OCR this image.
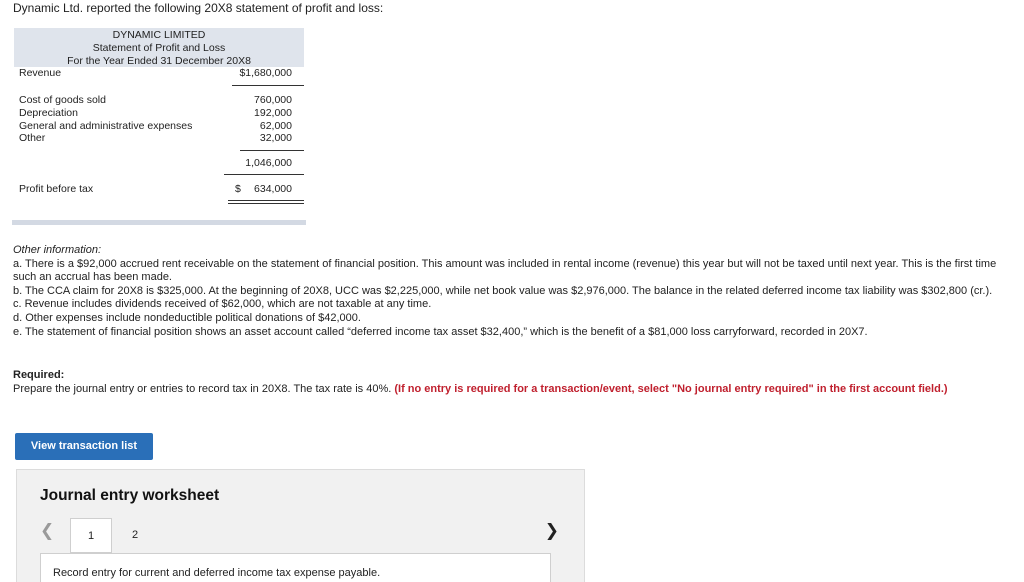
Dynamic Ltd. reported the following 20X8 statement of profit and loss:
DYNAMIC LIMITED
Statement of Profit and Loss
For the Year Ended 31 December 20X8
Revenue	$1,680,000
Cost of goods sold	760,000
Depreciation	192,000
General and administrative expenses	62,000
Other	32,000
1,046,000
Profit before tax	$ 634,000
Other information:
a. There is a $92,000 accrued rent receivable on the statement of financial position. This amount was included in rental income (revenue) this year but will not be taxed until next year. This is the first time such an accrual has been made.
b. The CCA claim for 20X8 is $325,000. At the beginning of 20X8, UCC was $2,225,000, while net book value was $2,976,000. The balance in the related deferred income tax liability was $302,800 (cr.).
c. Revenue includes dividends received of $62,000, which are not taxable at any time.
d. Other expenses include nondeductible political donations of $42,000.
e. The statement of financial position shows an asset account called “deferred income tax asset $32,400,” which is the benefit of a $81,000 loss carryforward, recorded in 20X7.
Required:
Prepare the journal entry or entries to record tax in 20X8. The tax rate is 40%. (If no entry is required for a transaction/event, select "No journal entry required" in the first account field.)
View transaction list
Journal entry worksheet
❮	1	2	❯
Record entry for current and deferred income tax expense payable.
